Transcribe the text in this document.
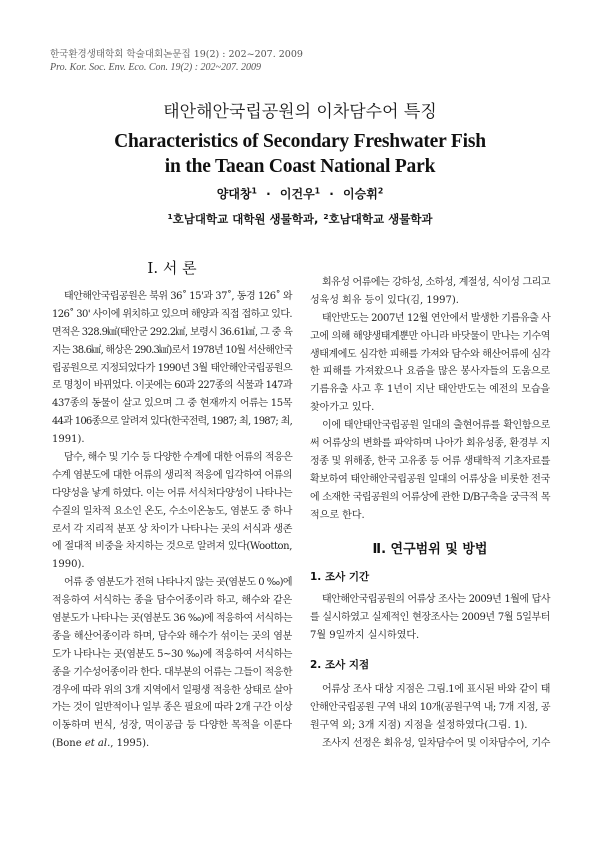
한국환경생태학회 학술대회논문집 19(2) : 202~207. 2009
Pro. Kor. Soc. Env. Eco. Con. 19(2) : 202~207. 2009
태안해안국립공원의 이차담수어 특징
Characteristics of Secondary Freshwater Fish
in the Taean Coast National Park
양대창$^1$ · 이건우$^1$ · 이승휘$^2$
$^1$호남대학교 대학원 생물학과, $^2$호남대학교 생물학과
Ⅰ. 서 론
태안해안국립공원은 북위 36˚ 15'과 37˚, 동경 126˚ 와
126˚ 30' 사이에 위치하고 있으며 해양과 직접 접하고 있다.
면적은 328.9㎢(태안군 292.2㎢, 보령시 36.61㎢, 그 중 육
지는 38.6㎢, 해상은 290.3㎢)로서 1978년 10월 서산해안국
립공원으로 지정되었다가 1990년 3월 태안해안국립공원으
로 명칭이 바뀌었다. 이곳에는 60과 227종의 식물과 147과
437종의 동물이 살고 있으며 그 중 현재까지 어류는 15목
44과 106종으로 알려져 있다(한국전력, 1987; 최, 1987; 최,
1991).
담수, 해수 및 기수 등 다양한 수계에 대한 어류의 적응은
수계 염분도에 대한 어류의 생리적 적응에 입각하여 어류의
다양성을 낳게 하였다. 이는 어류 서식처다양성이 나타나는
수질의 일차적 요소인 온도, 수소이온농도, 염분도 중 하나
로서 각 지리적 분포 상 차이가 나타나는 곳의 서식과 생존
에 절대적 비중을 차지하는 것으로 알려져 있다(Wootton,
1990).
어류 중 염분도가 전혀 나타나지 않는 곳(염분도 0 ‰)에
적응하여 서식하는 종을 담수어종이라 하고, 해수와 같은
염분도가 나타나는 곳(염분도 36 ‰)에 적응하여 서식하는
종을 해산어종이라 하며, 담수와 해수가 섞이는 곳의 염분
도가 나타나는 곳(염분도 5~30 ‰)에 적응하여 서식하는
종을 기수성어종이라 한다. 대부분의 어류는 그들이 적응한
경우에 따라 위의 3개 지역에서 일평생 적응한 상태로 살아
가는 것이 일반적이나 일부 종은 필요에 따라 2개 구간 이상
이동하며 번식, 성장, 먹이공급 등 다양한 목적을 이룬다
(Bone et al., 1995).
회유성 어류에는 강하성, 소하성, 계절성, 식이성 그리고
성육성 회유 등이 있다(김, 1997).
태안반도는 2007년 12월 연안에서 발생한 기름유출 사
고에 의해 해양생태계뿐만 아니라 바닷물이 만나는 기수역
생태계에도 심각한 피해를 가져와 담수와 해산어류에 심각
한 피해를 가져왔으나 요즘을 많은 봉사자들의 도움으로
기름유출 사고 후 1년이 지난 태안반도는 예전의 모습을
찾아가고 있다.
이에 태안태안국립공원 일대의 출현어류를 확인함으로
써 어류상의 변화를 파악하며 나아가 회유성종, 환경부 지
정종 및 위해종, 한국 고유종 등 어류 생태학적 기초자료를
확보하여 태안해안국립공원 일대의 어류상을 비롯한 전국
에 소재한 국립공원의 어류상에 관한 D/B구축을 궁극적 목
적으로 한다.
Ⅱ. 연구범위 및 방법
1. 조사 기간
태안해안국립공원의 어류상 조사는 2009년 1월에 답사
를 실시하였고 실제적인 현장조사는 2009년 7월 5일부터
7월 9일까지 실시하였다.
2. 조사 지점
어류상 조사 대상 지점은 그림.1에 표시된 바와 같이 태
안해안국립공원 구역 내외 10개(공원구역 내; 7개 지점, 공
원구역 외; 3개 지점) 지점을 설정하였다(그림. 1).
조사지 선정은 회유성, 일차담수어 및 이차담수어, 기수
